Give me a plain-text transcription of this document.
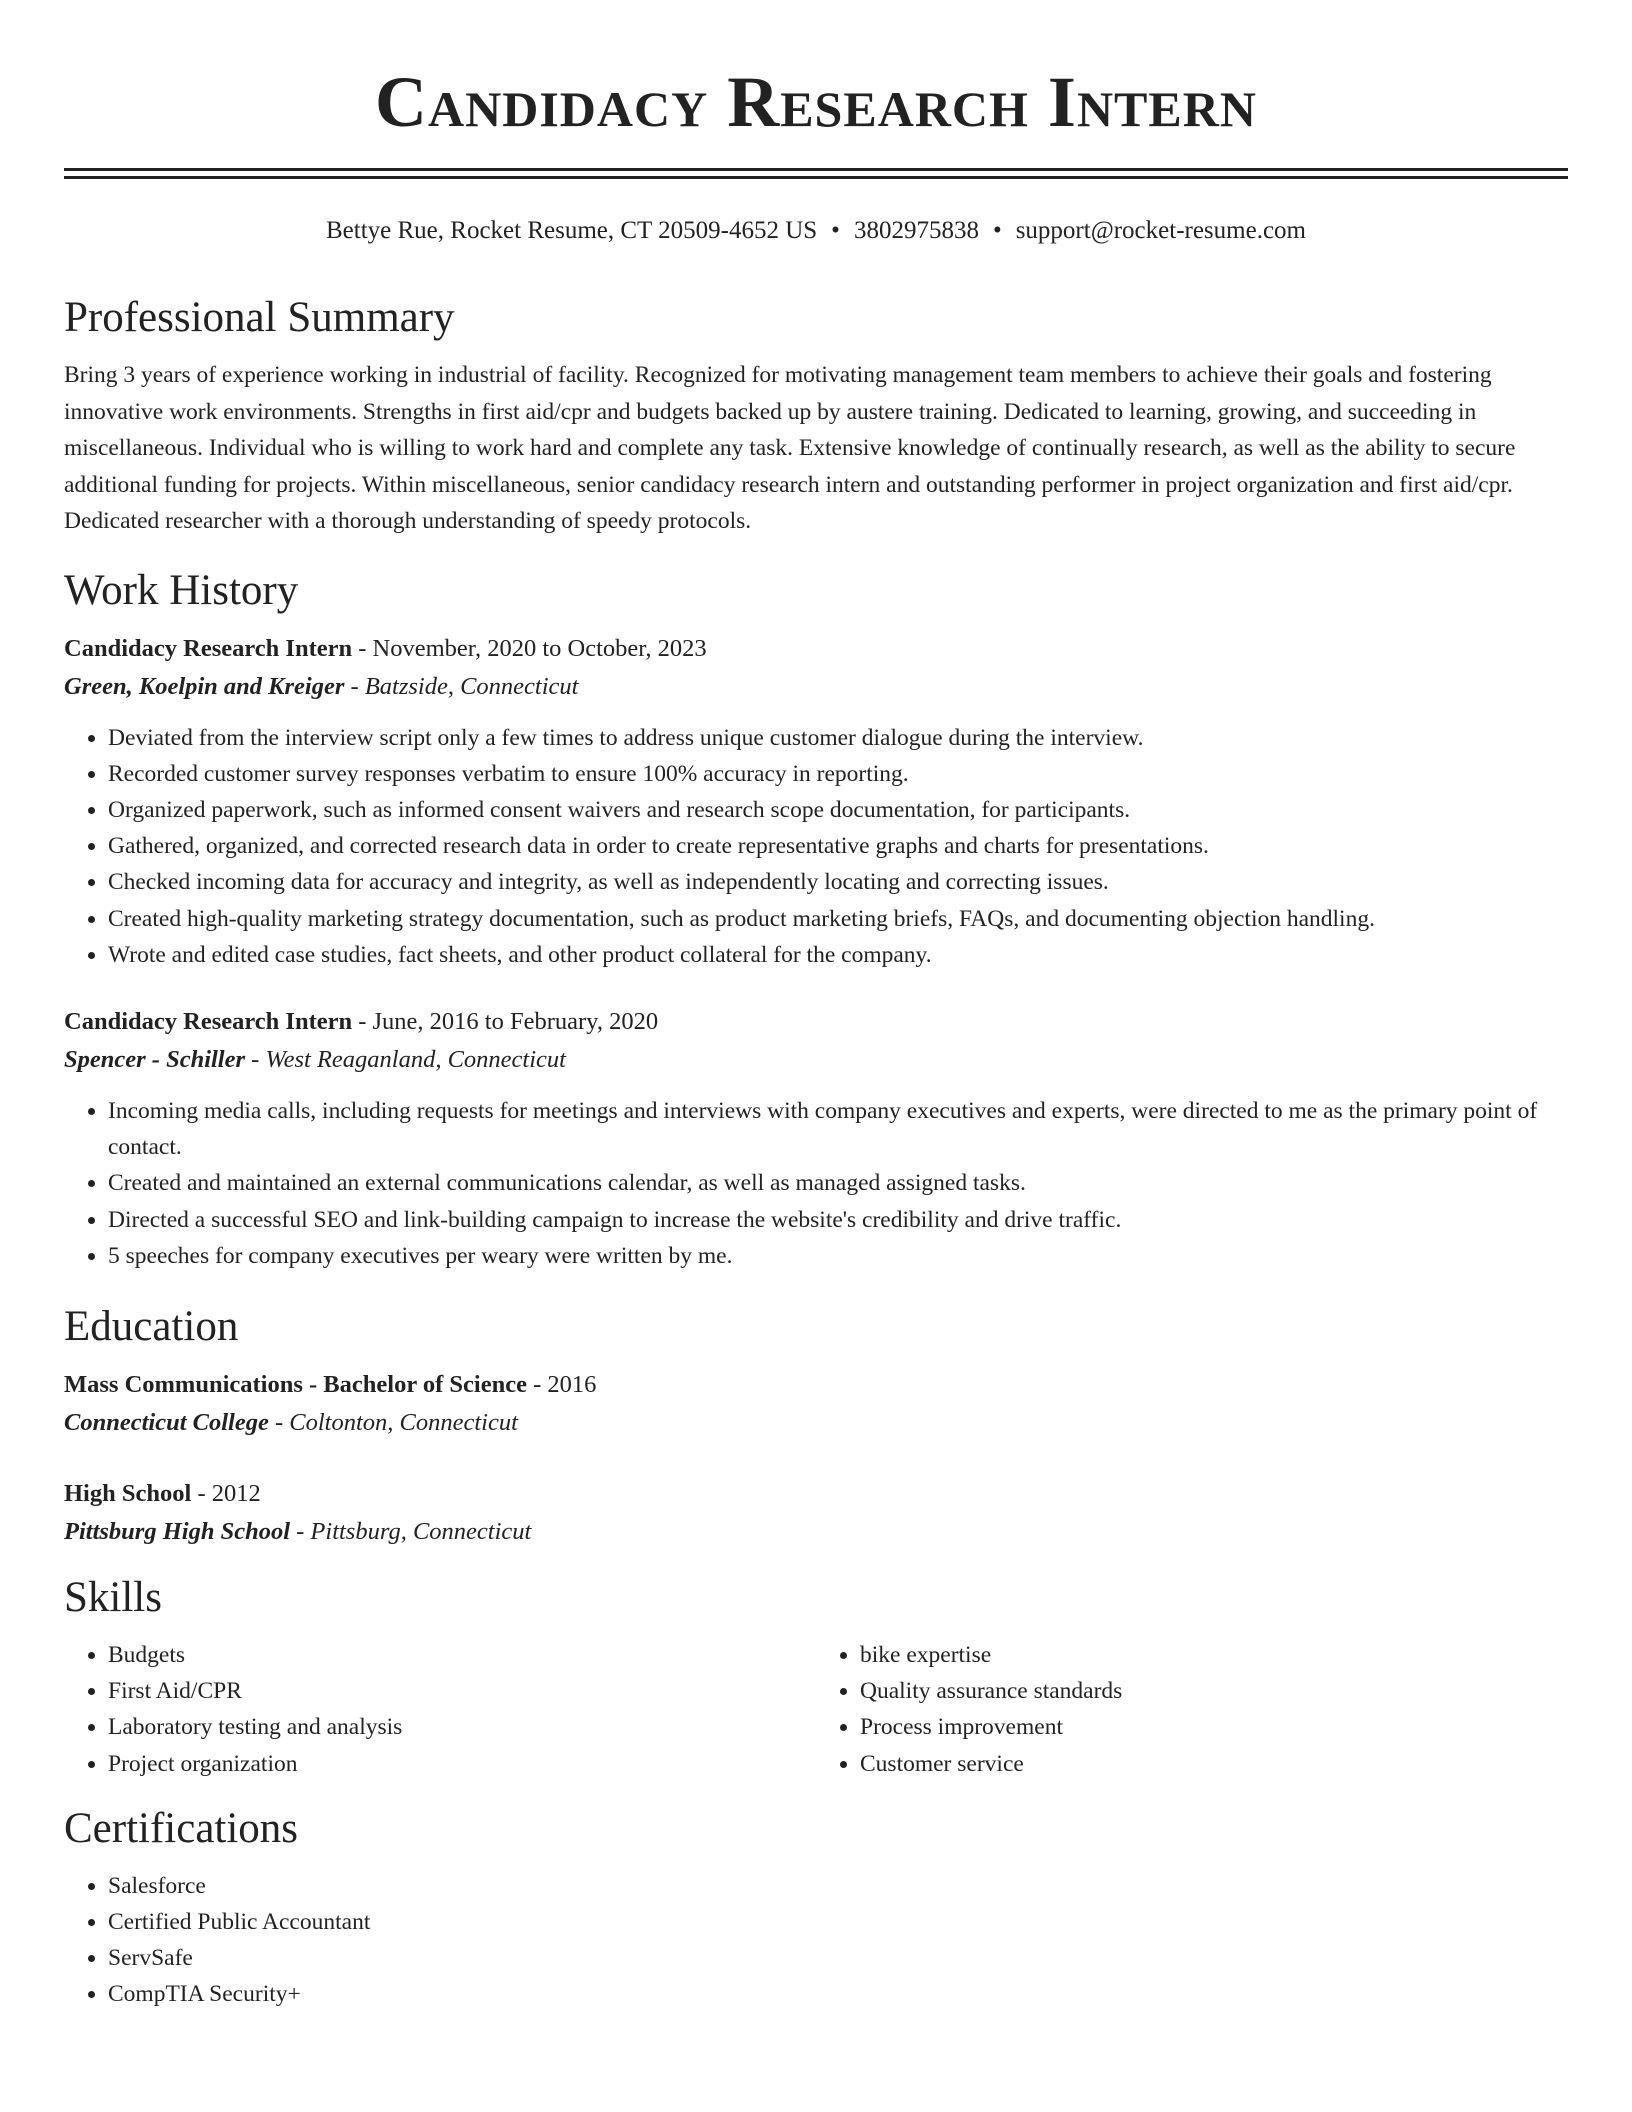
Candidacy Research Intern
Bettye Rue, Rocket Resume, CT 20509-4652 US • 3802975838 • support@rocket-resume.com
Professional Summary

Bring 3 years of experience working in industrial of facility. Recognized for motivating management team members to achieve their goals and fostering innovative work environments. Strengths in first aid/cpr and budgets backed up by austere training. Dedicated to learning, growing, and succeeding in miscellaneous. Individual who is willing to work hard and complete any task. Extensive knowledge of continually research, as well as the ability to secure additional funding for projects. Within miscellaneous, senior candidacy research intern and outstanding performer in project organization and first aid/cpr. Dedicated researcher with a thorough understanding of speedy protocols.

Work History

Candidacy Research Intern - November, 2020 to October, 2023

Green, Koelpin and Kreiger - Batzside, Connecticut

• Deviated from the interview script only a few times to address unique customer dialogue during the interview.
• Recorded customer survey responses verbatim to ensure 100% accuracy in reporting.
• Organized paperwork, such as informed consent waivers and research scope documentation, for participants.
• Gathered, organized, and corrected research data in order to create representative graphs and charts for presentations.
• Checked incoming data for accuracy and integrity, as well as independently locating and correcting issues.
• Created high-quality marketing strategy documentation, such as product marketing briefs, FAQs, and documenting objection handling.
• Wrote and edited case studies, fact sheets, and other product collateral for the company.

Candidacy Research Intern - June, 2016 to February, 2020

Spencer - Schiller - West Reaganland, Connecticut

• Incoming media calls, including requests for meetings and interviews with company executives and experts, were directed to me as the primary point of contact.
• Created and maintained an external communications calendar, as well as managed assigned tasks.
• Directed a successful SEO and link-building campaign to increase the website's credibility and drive traffic.
• 5 speeches for company executives per weary were written by me.
Education

Mass Communications - Bachelor of Science - 2016

Connecticut College - Coltonton, Connecticut

High School - 2012

Pittsburg High School - Pittsburg, Connecticut

Skills
• Budgets
• First Aid/CPR
• Laboratory testing and analysis
• Project organization
• bike expertise
• Quality assurance standards
• Process improvement
• Customer service
Certifications
• Salesforce
• Certified Public Accountant
• ServSafe
• CompTIA Security+
